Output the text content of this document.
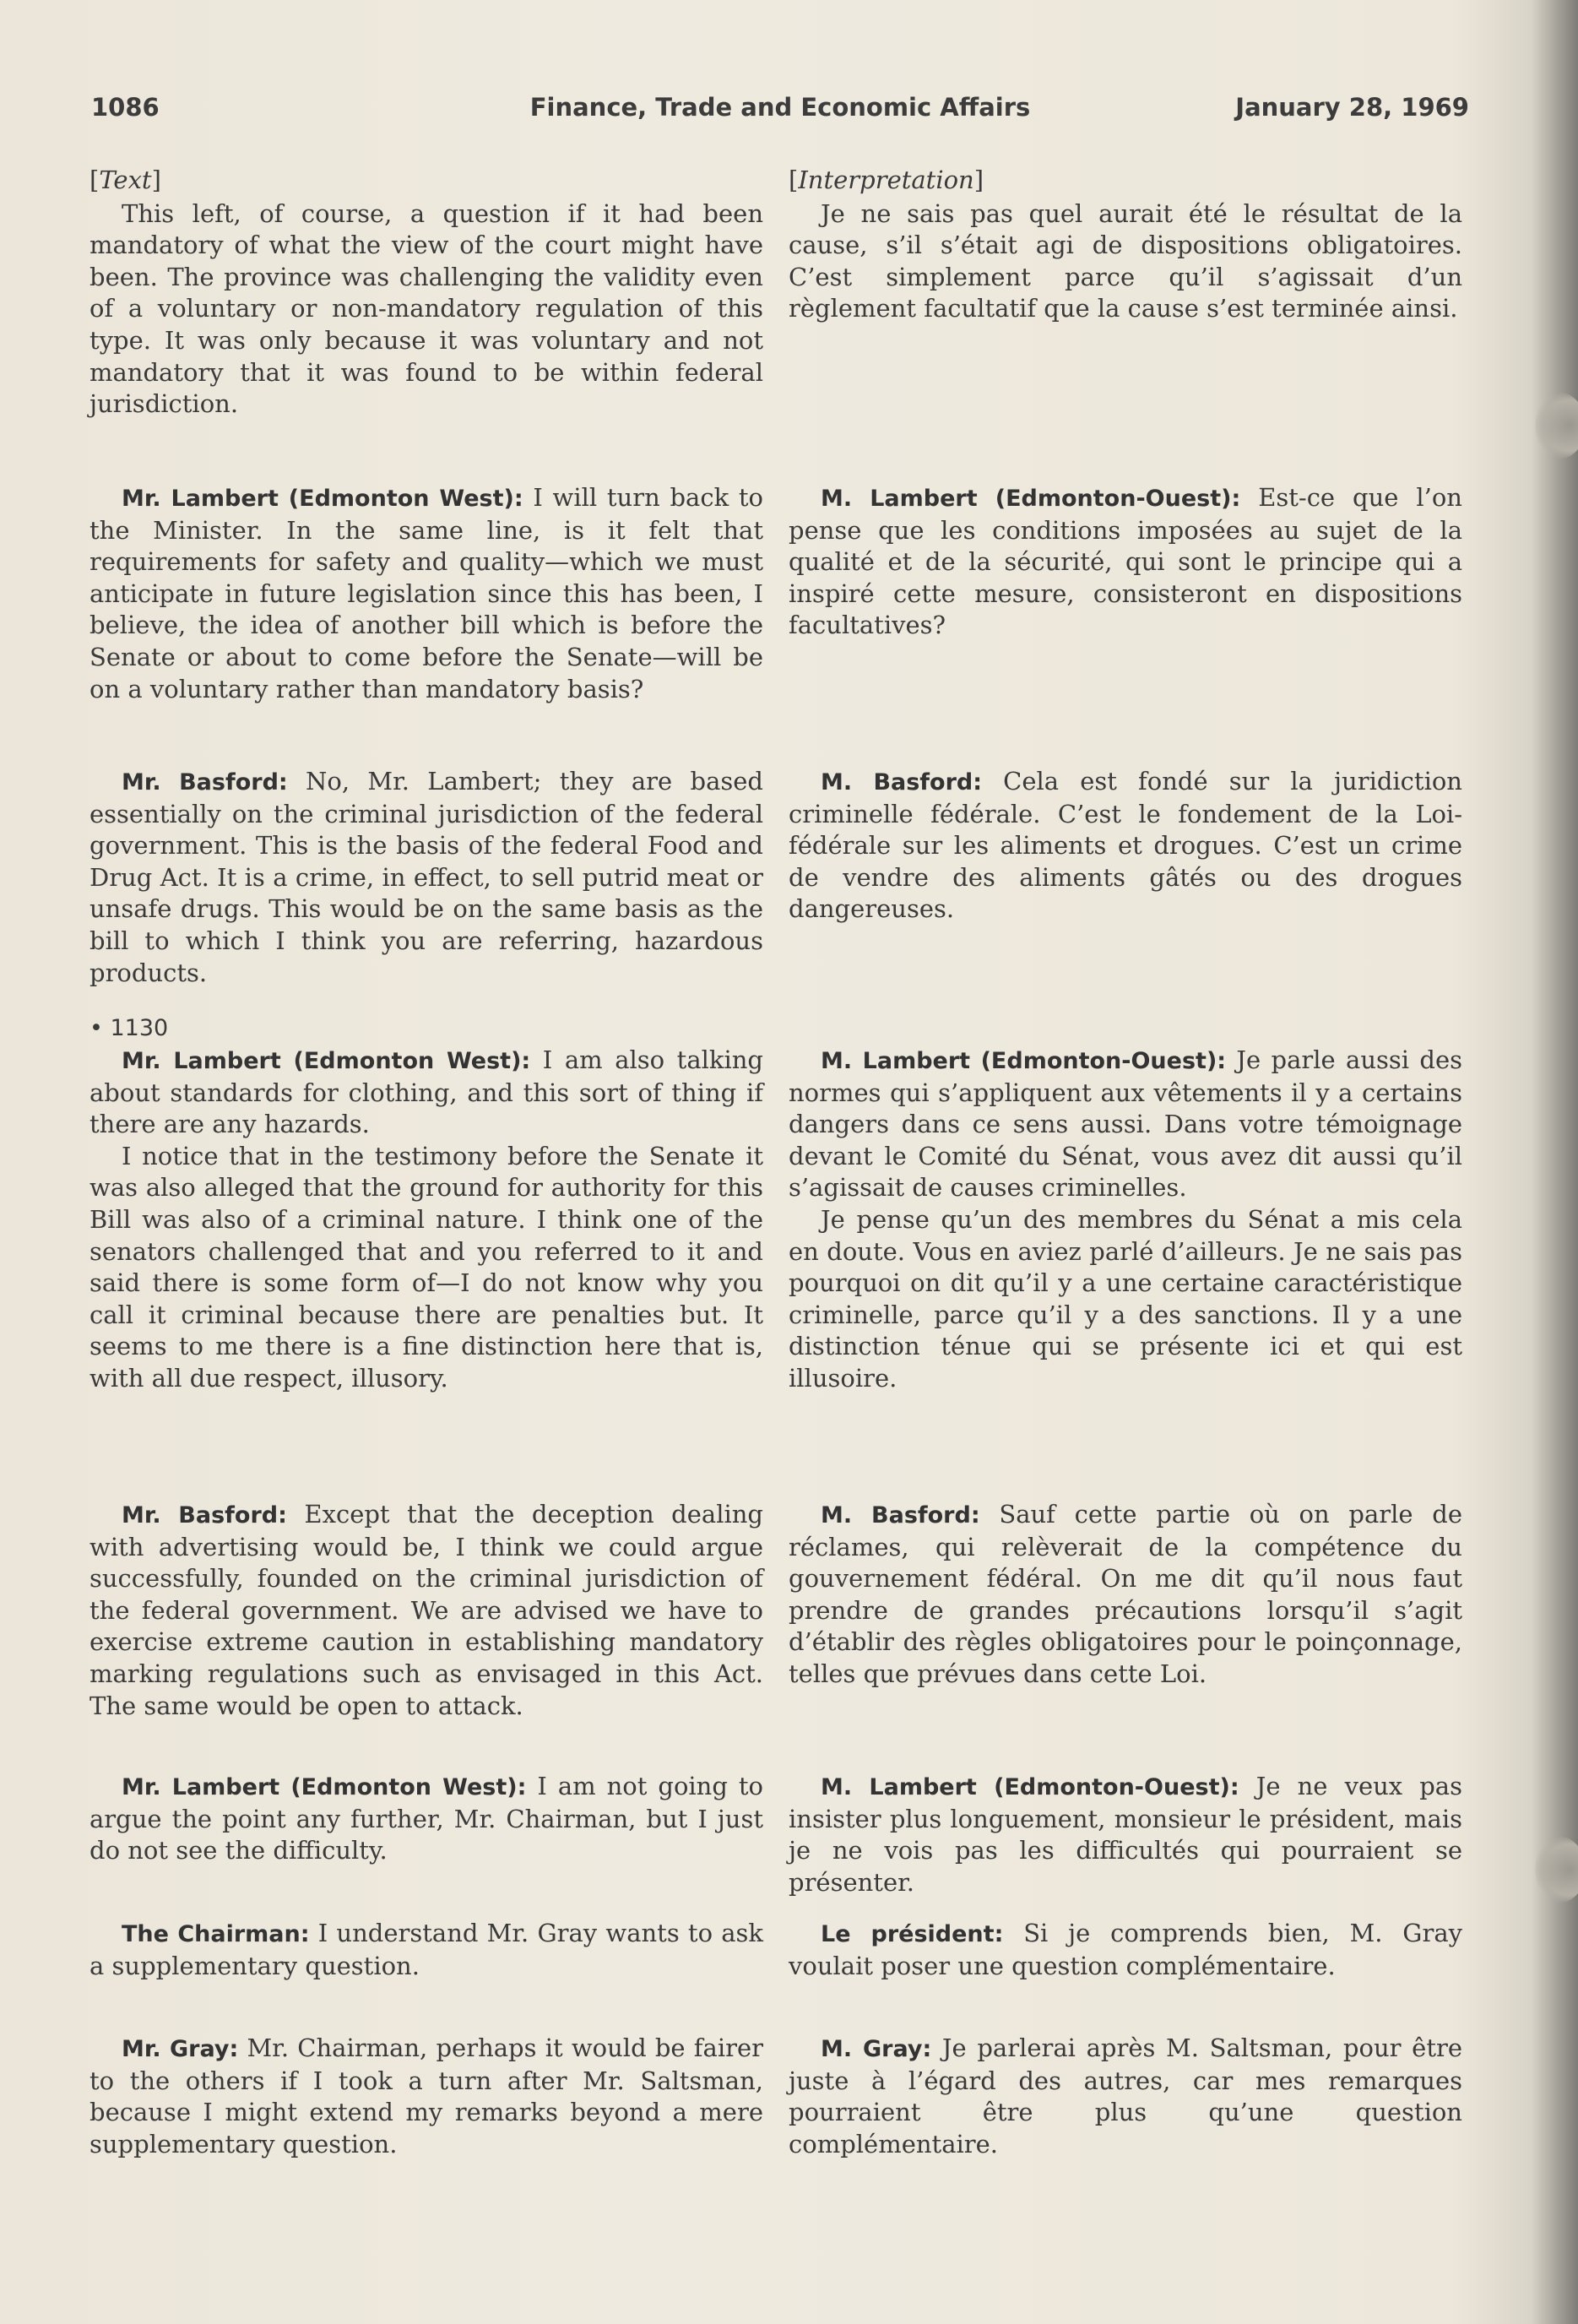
1086	Finance, Trade and Economic Affairs	January 28, 1969
[Text]

This left, of course, a question if it had been mandatory of what the view of the court might have been. The province was challenging the validity even of a voluntary or non-mandatory regulation of this type. It was only because it was voluntary and not mandatory that it was found to be within federal jurisdiction.

Mr. Lambert (Edmonton West): I will turn back to the Minister. In the same line, is it felt that requirements for safety and quality—which we must anticipate in future legislation since this has been, I believe, the idea of another bill which is before the Senate or about to come before the Senate—will be on a voluntary rather than mandatory basis?

Mr. Basford: No, Mr. Lambert; they are based essentially on the criminal jurisdiction of the federal government. This is the basis of the federal Food and Drug Act. It is a crime, in effect, to sell putrid meat or unsafe drugs. This would be on the same basis as the bill to which I think you are referring, hazardous products.

• 1130

Mr. Lambert (Edmonton West): I am also talking about standards for clothing, and this sort of thing if there are any hazards.

I notice that in the testimony before the Senate it was also alleged that the ground for authority for this Bill was also of a criminal nature. I think one of the senators challenged that and you referred to it and said there is some form of—I do not know why you call it criminal because there are penalties but. It seems to me there is a fine distinction here that is, with all due respect, illusory.

Mr. Basford: Except that the deception dealing with advertising would be, I think we could argue successfully, founded on the criminal jurisdiction of the federal government. We are advised we have to exercise extreme caution in establishing mandatory marking regulations such as envisaged in this Act. The same would be open to attack.

Mr. Lambert (Edmonton West): I am not going to argue the point any further, Mr. Chairman, but I just do not see the difficulty.

The Chairman: I understand Mr. Gray wants to ask a supplementary question.

Mr. Gray: Mr. Chairman, perhaps it would be fairer to the others if I took a turn after Mr. Saltsman, because I might extend my remarks beyond a mere supplementary question.

[Interpretation]

Je ne sais pas quel aurait été le résultat de la cause, s’il s’était agi de dispositions obligatoires. C’est simplement parce qu’il s’agissait d’un règlement facultatif que la cause s’est terminée ainsi.

M. Lambert (Edmonton-Ouest): Est-ce que l’on pense que les conditions imposées au sujet de la qualité et de la sécurité, qui sont le principe qui a inspiré cette mesure, consisteront en dispositions facultatives?

M. Basford: Cela est fondé sur la juridiction criminelle fédérale. C’est le fondement de la Loi-fédérale sur les aliments et drogues. C’est un crime de vendre des aliments gâtés ou des drogues dangereuses.

M. Lambert (Edmonton-Ouest): Je parle aussi des normes qui s’appliquent aux vêtements il y a certains dangers dans ce sens aussi. Dans votre témoignage devant le Comité du Sénat, vous avez dit aussi qu’il s’agissait de causes criminelles.

Je pense qu’un des membres du Sénat a mis cela en doute. Vous en aviez parlé d’ailleurs. Je ne sais pas pourquoi on dit qu’il y a une certaine caractéristique criminelle, parce qu’il y a des sanctions. Il y a une distinction ténue qui se présente ici et qui est illusoire.

M. Basford: Sauf cette partie où on parle de réclames, qui relèverait de la compétence du gouvernement fédéral. On me dit qu’il nous faut prendre de grandes précautions lorsqu’il s’agit d’établir des règles obligatoires pour le poinçonnage, telles que prévues dans cette Loi.

M. Lambert (Edmonton-Ouest): Je ne veux pas insister plus longuement, monsieur le président, mais je ne vois pas les difficultés qui pourraient se présenter.

Le président: Si je comprends bien, M. Gray voulait poser une question complémentaire.

M. Gray: Je parlerai après M. Saltsman, pour être juste à l’égard des autres, car mes remarques pourraient être plus qu’une question complémentaire.
